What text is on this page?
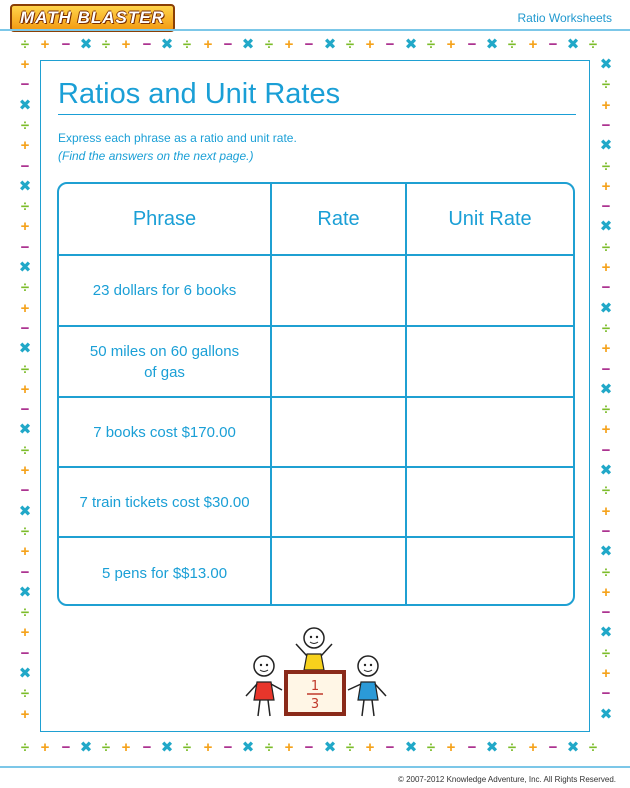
MATH BLASTER	Ratio Worksheets
÷ + − ✖ ÷ + − ✖ ÷ + − ✖ ÷ + − ✖ ÷ + − ✖ ÷ + − ✖ ÷ + − ✖ ÷
÷ + − ✖ ÷ + − ✖ ÷ + − ✖ ÷ + − ✖ ÷ + − ✖ ÷ + − ✖ ÷ + − ✖ ÷
+
−
✖
÷
+
−
✖
÷
+
−
✖
÷
+
−
✖
÷
+
−
✖
÷
+
−
✖
÷
+
−
✖
÷
+
−
✖
÷
+
✖
÷
+
−
✖
÷
+
−
✖
÷
+
−
✖
÷
+
−
✖
÷
+
−
✖
÷
+
−
✖
÷
+
−
✖
÷
+
−
✖
Ratios and Unit Rates
Express each phrase as a ratio and unit rate.
(Find the answers on the next page.)
Phrase	Rate	Unit Rate
23 dollars for 6 books
50 miles on 60 gallons of gas
7 books cost $170.00
7 train tickets cost $30.00
5 pens for $$13.00
1
3
© 2007-2012 Knowledge Adventure, Inc. All Rights Reserved.
